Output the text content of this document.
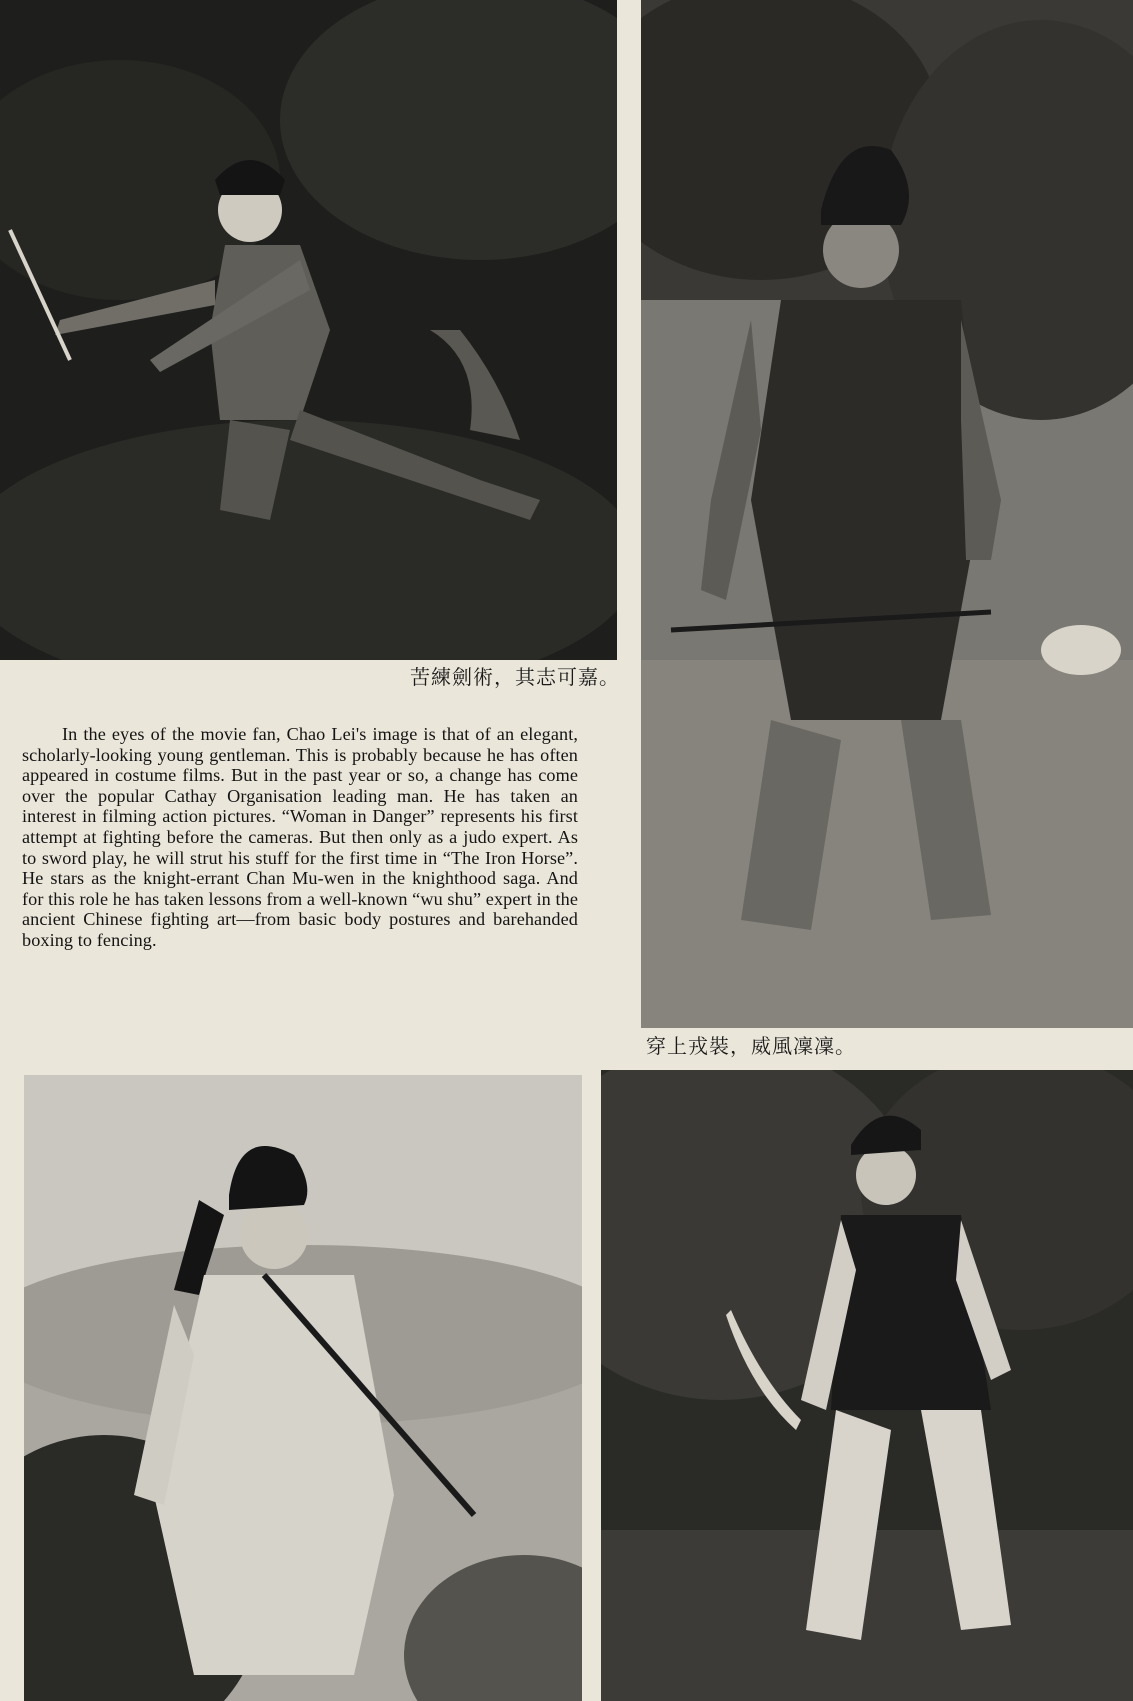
苦練劍術，其志可嘉。

In the eyes of the movie fan, Chao Lei's image is that of an elegant, scholarly-looking young gentleman. This is probably because he has often appeared in costume films. But in the past year or so, a change has come over the popular Cathay Organisation leading man. He has taken an interest in filming action pictures. “Woman in Danger” represents his first attempt at fighting before the cameras. But then only as a judo expert. As to sword play, he will strut his stuff for the first time in “The Iron Horse”. He stars as the knight-errant Chan Mu-wen in the knighthood saga. And for this role he has taken lessons from a well-known “wu shu” expert in the ancient Chinese fighting art—from basic body postures and barehanded boxing to fencing.

穿上戎裝，威風凜凜。
